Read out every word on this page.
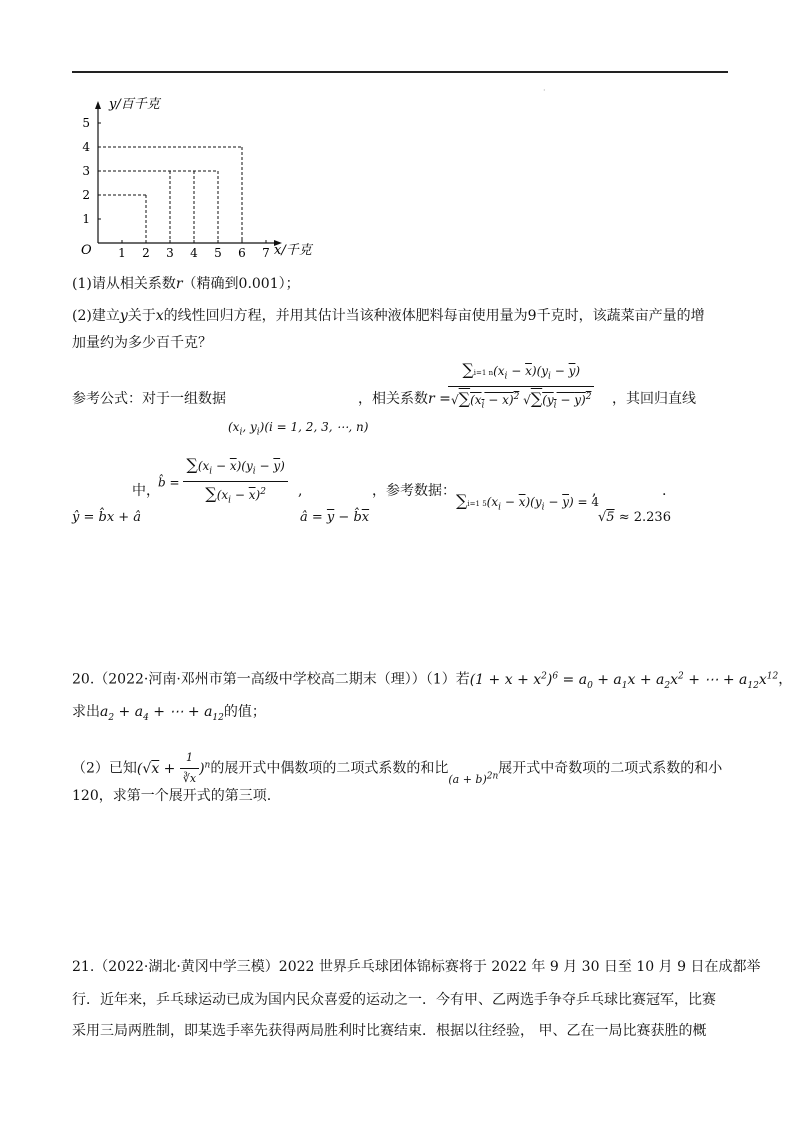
·
1 2 3 4 5 6 7
1
2
3
4
5
y/百千克
x/千克
O
(1)请从相关系数r（精确到0.001）；
(2)建立y关于x的线性回归方程，并用其估计当该种液体肥料每亩使用量为9千克时，该蔬菜亩产量的增
加量约为多少百千克？
参考公式：对于一组数据
($x_i$, $y_i)(i = 1$, 2, 3, ⋯, n)
，相关系数r =
$\frac{\sum i=1 n(x_i - \overline{x})(y_i - \overline{y})}{√\sum(x_i - x)^2 √\sum(y_i - y)^2}$ ，其回归直线
ŷ = b̂x + â
中，
b̂ = $\frac{\sum(x_i - \overline{x})(y_i - \overline{y})}{\sum(x_i - \overline{x})^2}$ ,
â = $\overline{y}$ − $b̂\overline{x}$
，参考数据： ∑i=1 $5(x_i - \overline{x})(y_i - \overline{y}) = 4$
,
√5 ≈ 2.236
.
20.（2022·河南·邓州市第一高级中学校高二期末（理））（1）若$(1 + x + x^2)^6 = a_0 + a_1x + a_2x^2$ + ⋯ + $a_{12}x^{12}$，
求出$a_2 + a_4$ + ⋯ + $a_{12}$的值；
（2）已知$(√x + \frac{1}{∛x} )^n$的展开式中偶数项的二项式系数的和比$_{(a + b)^{2n}}$展开式中奇数项的二项式系数的和小
120，求第一个展开式的第三项.
21.（2022·湖北·黄冈中学三模）2022 世界乒乓球团体锦标赛将于 2022 年 9 月 30 日至 10 月 9 日在成都举
行．近年来，乒乓球运动已成为国内民众喜爱的运动之一．今有甲、乙两选手争夺乒乓球比赛冠军，比赛
采用三局两胜制，即某选手率先获得两局胜利时比赛结束．根据以往经验， 甲、乙在一局比赛获胜的概
